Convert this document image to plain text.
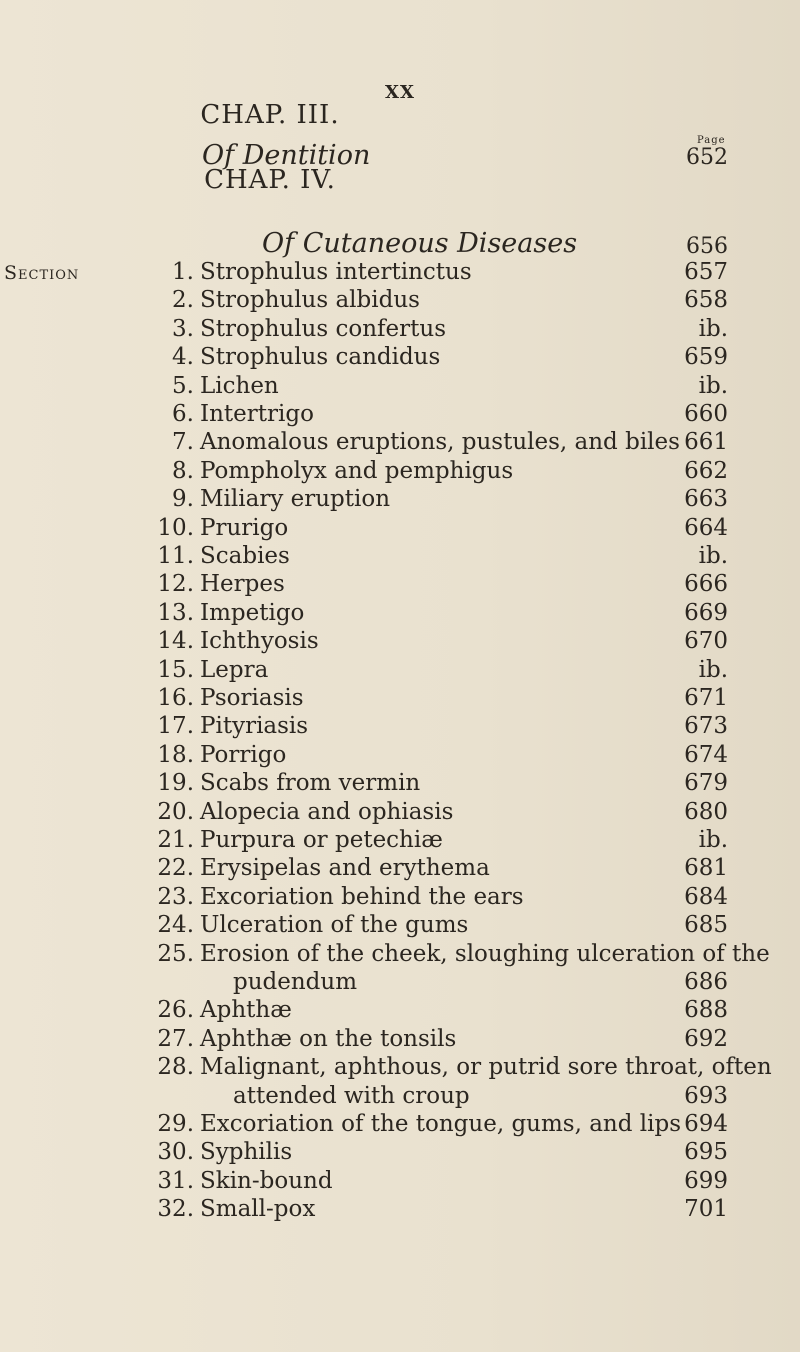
XX
Page
CHAP. III.
Of Dentition	652
CHAP. IV.
Of Cutaneous Diseases	656
Section	1. Strophulus intertinctus	657
2. Strophulus albidus	658
3. Strophulus confertus	ib.
4. Strophulus candidus	659
5. Lichen	ib.
6. Intertrigo	660
7. Anomalous eruptions, pustules, and biles 661
8. Pompholyx and pemphigus	662
9. Miliary eruption	663
10. Prurigo	664
11. Scabies	ib.
12. Herpes	666
13. Impetigo	669
14. Ichthyosis	670
15. Lepra	ib.
16. Psoriasis	671
17. Pityriasis	673
18. Porrigo	674
19. Scabs from vermin	679
20. Alopecia and ophiasis	680
21. Purpura or petechiæ	ib.
22. Erysipelas and erythema	681
23. Excoriation behind the ears	684
24. Ulceration of the gums	685
25. Erosion of the cheek, sloughing ulceration of the
pudendum	686
26. Aphthæ	688
27. Aphthæ on the tonsils	692
28. Malignant, aphthous, or putrid sore throat, often
attended with croup	693
29. Excoriation of the tongue, gums, and lips 694
30. Syphilis	695
31. Skin-bound	699
32. Small-pox	701
